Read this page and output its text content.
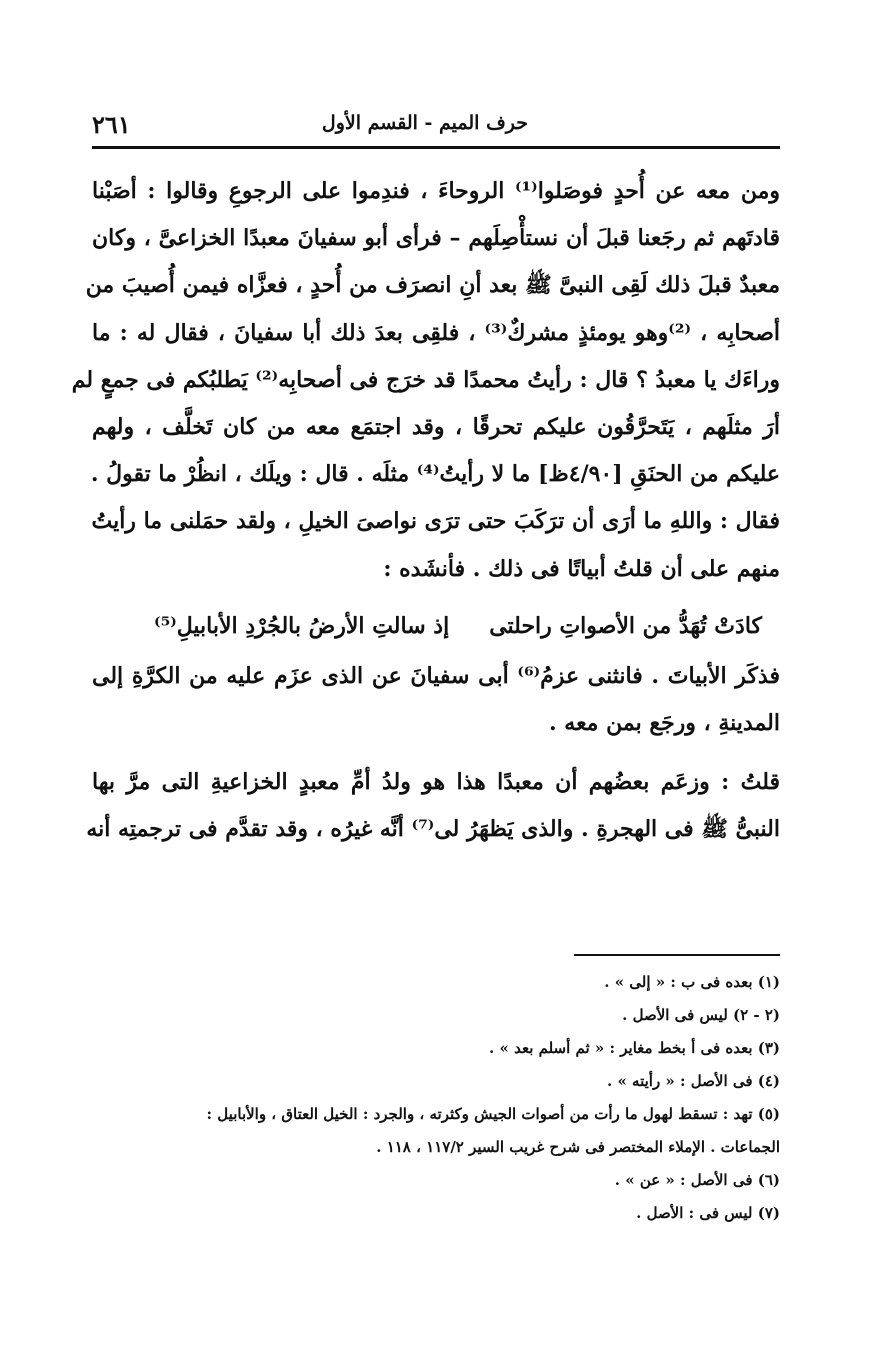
٢٦١	حرف الميم - القسم الأول
ومن معه عن أُحدٍ فوصَلوا⁽¹⁾ الروحاءَ ، فندِموا على الرجوعِ وقالوا : أصَبْنا
قادتَهم ثم رجَعنا قبلَ أن نستأْصِلَهم – فرأى أبو سفيانَ معبدًا الخزاعىَّ ، وكان
معبدٌ قبلَ ذلك لَقِى النبىَّ ﷺ بعد أنِ انصرَف من أُحدٍ ، فعزَّاه فيمن أُصيبَ من
أصحابِه ، ⁽²⁾وهو يومئذٍ مشركٌ⁽³⁾ ، فلقِى بعدَ ذلك أبا سفيانَ ، فقال له : ما
وراءَك يا معبدُ ؟ قال : رأيتُ محمدًا قد خرَج فى أصحابِه⁽²⁾ يَطلبُكم فى جمعٍ لم
أرَ مثلَهم ، يَتَحرَّقُون عليكم تحرقًا ، وقد اجتمَع معه من كان تَخلَّف ، ولهم
عليكم من الحنَقِ [٤/٩٠ظ] ما لا رأيتُ⁽⁴⁾ مثلَه . قال : ويلَك ، انظُرْ ما تقولُ .
فقال : واللهِ ما أرَى أن ترَكَبَ حتى ترَى نواصىَ الخيلِ ، ولقد حمَلنى ما رأيتُ
منهم على أن قلتُ أبياتًا فى ذلك . فأنشَده :
كادَتْ تُهَدُّ من الأصواتِ راحلتى
إذ سالتِ الأرضُ بالجُرْدِ الأبابيلِ⁽⁵⁾
فذكَر الأبياتَ . فانثنى عزمُ⁽⁶⁾ أبى سفيانَ عن الذى عزَم عليه من الكرَّةِ إلى
المدينةِ ، ورجَع بمن معه .
قلتُ : وزعَم بعضُهم أن معبدًا هذا هو ولدُ أمِّ معبدٍ الخزاعيةِ التى مرَّ بها
النبىُّ ﷺ فى الهجرةِ . والذى يَظهَرُ لى⁽⁷⁾ أنَّه غيرُه ، وقد تقدَّم فى ترجمتِه أنه
(١) بعده فى ب : « إلى » .
(٢ - ٢) ليس فى الأصل .
(٣) بعده فى أ بخط مغاير : « ثم أسلم بعد » .
(٤) فى الأصل : « رأيته » .
(٥) تهد : تسقط لهول ما رأت من أصوات الجيش وكثرته ، والجرد : الخيل العتاق ، والأبابيل :
الجماعات . الإملاء المختصر فى شرح غريب السير ١١٧/٢ ، ١١٨ .
(٦) فى الأصل : « عن » .
(٧) ليس فى : الأصل .
